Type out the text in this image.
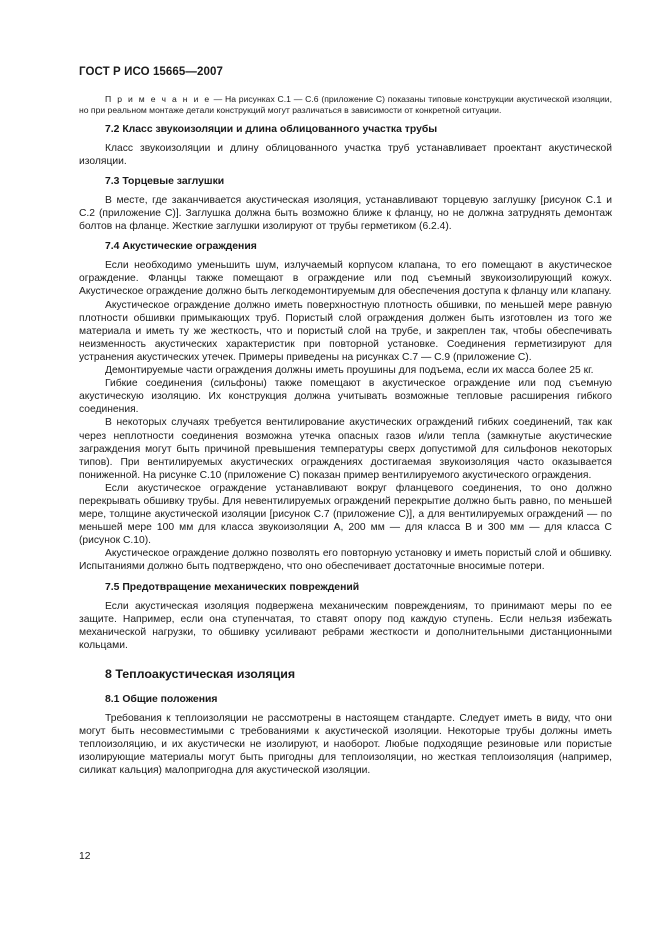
ГОСТ Р ИСО 15665—2007

П р и м е ч а н и е — На рисунках С.1 — С.6 (приложение С) показаны типовые конструкции акустической изоляции, но при реальном монтаже детали конструкций могут различаться в зависимости от конкретной ситуации.

7.2 Класс звукоизоляции и длина облицованного участка трубы

Класс звукоизоляции и длину облицованного участка труб устанавливает проектант акустической изоляции.

7.3 Торцевые заглушки

В месте, где заканчивается акустическая изоляция, устанавливают торцевую заглушку [рисунок С.1 и С.2 (приложение С)]. Заглушка должна быть возможно ближе к фланцу, но не должна затруднять демонтаж болтов на фланце. Жесткие заглушки изолируют от трубы герметиком (6.2.4).

7.4 Акустические ограждения

Если необходимо уменьшить шум, излучаемый корпусом клапана, то его помещают в акустическое ограждение. Фланцы также помещают в ограждение или под съемный звукоизолирующий кожух. Акустическое ограждение должно быть легкодемонтируемым для обеспечения доступа к фланцу или клапану.

Акустическое ограждение должно иметь поверхностную плотность обшивки, по меньшей мере равную плотности обшивки примыкающих труб. Пористый слой ограждения должен быть изготовлен из того же материала и иметь ту же жесткость, что и пористый слой на трубе, и закреплен так, чтобы обеспечивать неизменность акустических характеристик при повторной установке. Соединения герметизируют для устранения акустических утечек. Примеры приведены на рисунках С.7 — С.9 (приложение С).

Демонтируемые части ограждения должны иметь проушины для подъема, если их масса более 25 кг.

Гибкие соединения (сильфоны) также помещают в акустическое ограждение или под съемную акустическую изоляцию. Их конструкция должна учитывать возможные тепловые расширения гибкого соединения.

В некоторых случаях требуется вентилирование акустических ограждений гибких соединений, так как через неплотности соединения возможна утечка опасных газов и/или тепла (замкнутые акустические заграждения могут быть причиной превышения температуры сверх допустимой для сильфонов некоторых типов). При вентилируемых акустических ограждениях достигаемая звукоизоляция часто оказывается пониженной. На рисунке С.10 (приложение С) показан пример вентилируемого акустического ограждения.

Если акустическое ограждение устанавливают вокруг фланцевого соединения, то оно должно перекрывать обшивку трубы. Для невентилируемых ограждений перекрытие должно быть равно, по меньшей мере, толщине акустической изоляции [рисунок С.7 (приложение С)], а для вентилируемых ограждений — по меньшей мере 100 мм для класса звукоизоляции А, 200 мм — для класса В и 300 мм — для класса С (рисунок С.10).

Акустическое ограждение должно позволять его повторную установку и иметь пористый слой и обшивку. Испытаниями должно быть подтверждено, что оно обеспечивает достаточные вносимые потери.

7.5 Предотвращение механических повреждений

Если акустическая изоляция подвержена механическим повреждениям, то принимают меры по ее защите. Например, если она ступенчатая, то ставят опору под каждую ступень. Если нельзя избежать механической нагрузки, то обшивку усиливают ребрами жесткости и дополнительными дистанционными кольцами.

8 Теплоакустическая изоляция
8.1 Общие положения

Требования к теплоизоляции не рассмотрены в настоящем стандарте. Следует иметь в виду, что они могут быть несовместимыми с требованиями к акустической изоляции. Некоторые трубы должны иметь теплоизоляцию, и их акустически не изолируют, и наоборот. Любые подходящие резиновые или пористые изолирующие материалы могут быть пригодны для теплоизоляции, но жесткая теплоизоляция (например, силикат кальция) малопригодна для акустической изоляции.

12
